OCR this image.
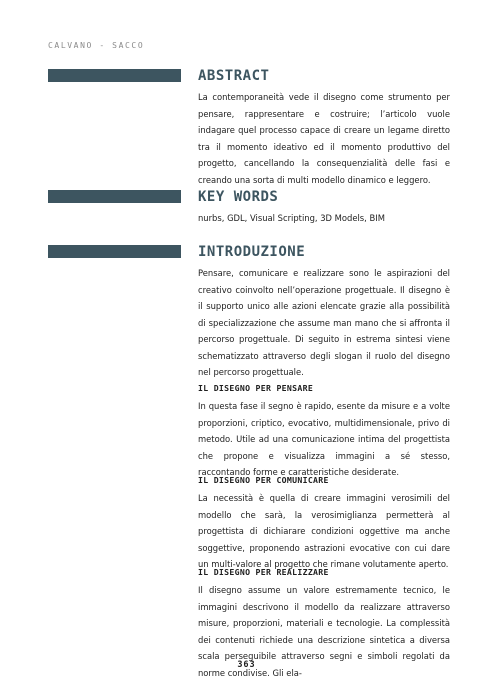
CALVANO - SACCO
ABSTRACT

La contemporaneità vede il disegno come strumento per pensare, rappresentare e costruire; l’articolo vuole indagare quel processo capace di creare un legame diretto tra il momento ideativo ed il momento produttivo del progetto, cancellando la consequenzialità delle fasi e creando una sorta di multi modello dinamico e leggero.

KEY WORDS

nurbs, GDL, Visual Scripting, 3D Models, BIM

INTRODUZIONE

Pensare, comunicare e realizzare sono le aspirazioni del creativo coinvolto nell’operazione progettuale. Il disegno è il supporto unico alle azioni elencate grazie alla possibilità di specializzazione che assume man mano che si affronta il percorso progettuale. Di seguito in estrema sintesi viene schematizzato attraverso degli slogan il ruolo del disegno nel percorso progettuale.

IL DISEGNO PER PENSARE

In questa fase il segno è rapido, esente da misure e a volte proporzioni, criptico, evocativo, multidimensionale, privo di metodo. Utile ad una comunicazione intima del progettista che propone e visualizza immagini a sé stesso, raccontando forme e caratteristiche desiderate.

IL DISEGNO PER COMUNICARE

La necessità è quella di creare immagini verosimili del modello che sarà, la verosimiglianza permetterà al progettista di dichiarare condizioni oggettive ma anche soggettive, proponendo astrazioni evocative con cui dare un multi-valore al progetto che rimane volutamente aperto.

IL DISEGNO PER REALIZZARE

Il disegno assume un valore estremamente tecnico, le immagini descrivono il modello da realizzare attraverso misure, proporzioni, materiali e tecnologie. La complessità dei contenuti richiede una descrizione sintetica a diversa scala perseguibile attraverso segni e simboli regolati da norme condivise. Gli ela-

363
